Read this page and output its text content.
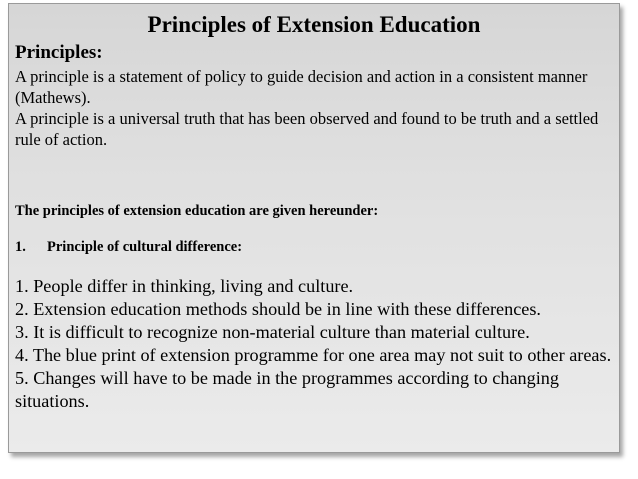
Principles of Extension Education
Principles:

A principle is a statement of policy to guide decision and action in a consistent manner (Mathews).

A principle is a universal truth that has been observed and found to be truth and a settled rule of action.

The principles of extension education are given hereunder:
1. Principle of cultural difference:

1. People differ in thinking, living and culture.

2. Extension education methods should be in line with these differences.

3. It is difficult to recognize non-material culture than material culture.

4. The blue print of extension programme for one area may not suit to other areas.

5. Changes will have to be made in the programmes according to changing situations.
